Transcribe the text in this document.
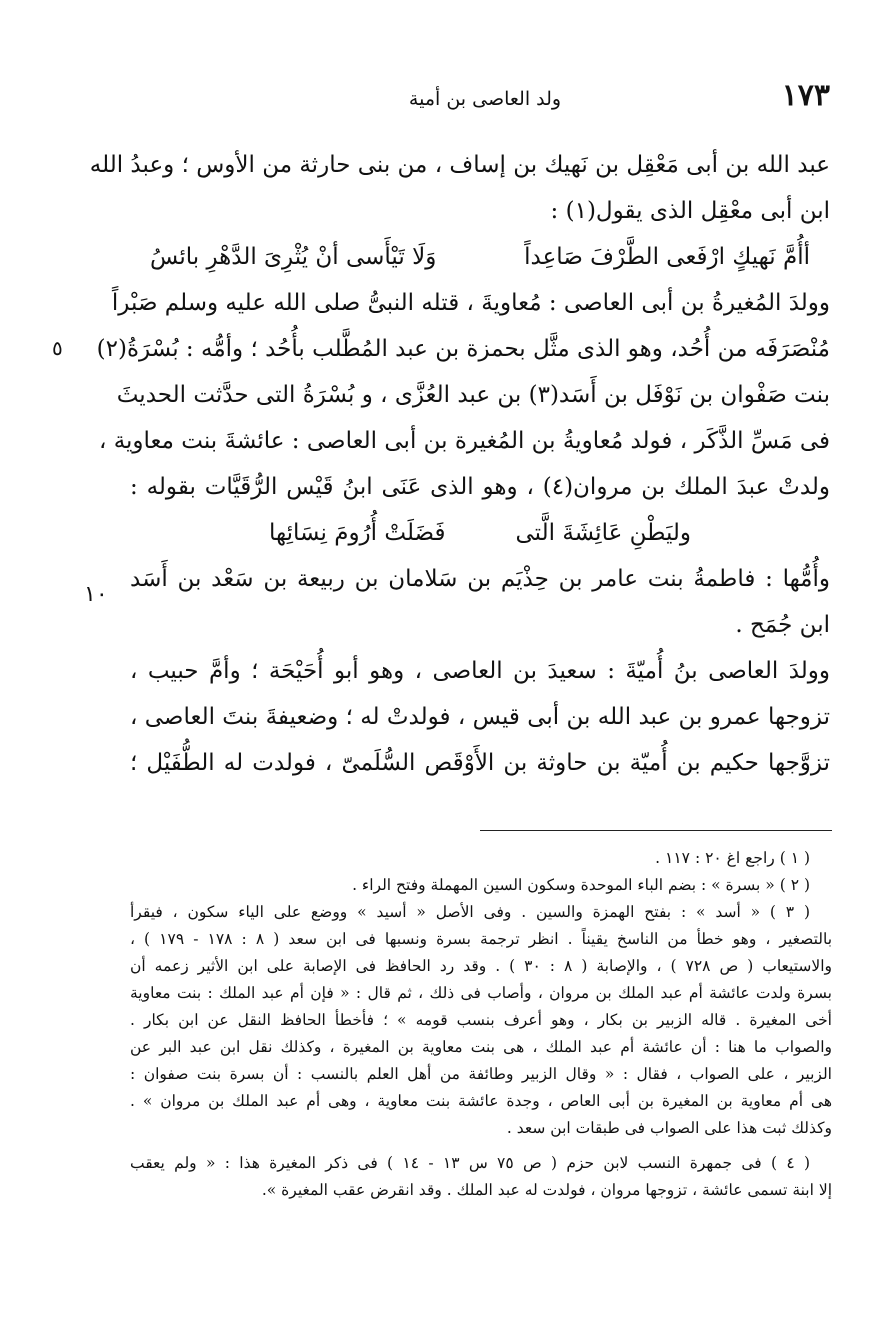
١٧٣
ولد العاصى بن أمية
٥
١٠
عبد الله بن أبى مَعْقِل بن نَهيك بن إساف ، من بنى حارثة من الأوس ؛ وعبدُ الله
ابن أبى معْقِل الذى يقول(١) :
أأُمَّ نَهيكٍ ارْفَعى الطَّرْفَ صَاعِداً
وَلَا تَيْأَسى أنْ يُثْرِىَ الدَّهْرِ بائسُ
وولدَ المُغيرةُ بن أبى العاصى : مُعاويةَ ، قتله النبىُّ صلى الله عليه وسلم صَبْراً
مُنْصَرَفَه من أُحُد، وهو الذى مثَّل بحمزة بن عبد المُطَّلب بأُحُد ؛ وأمُّه : بُسْرَةُ(٢)
بنت صَفْوان بن نَوْفَل بن أَسَد(٣) بن عبد العُزَّى ، و بُسْرَةُ التى حدَّثت الحديثَ
فى مَسِّ الذَّكَر ، فولد مُعاويةُ بن المُغيرة بن أبى العاصى : عائشةَ بنت معاوية ،
ولدتْ عبدَ الملك بن مروان(٤) ، وهو الذى عَنَى ابنُ قَيْس الرُّقَيَّات بقوله :
وليَطْنِ عَائِشَةَ الَّتى
فَضَلَتْ أُرُومَ نِسَائِها
وأُمُّها : فاطمةُ بنت عامر بن حِذْيَم بن سَلامان بن ربيعة بن سَعْد بن أَسَد
ابن جُمَح .
وولدَ العاصى بنُ أُميّةَ : سعيدَ بن العاصى ، وهو أبو أُحَيْحَة ؛ وأمَّ حبيب ،
تزوجها عمرو بن عبد الله بن أبى قيس ، فولدتْ له ؛ وضعيفةَ بنتَ العاصى ،
تزوَّجها حكيم بن أُميّة بن حاوثة بن الأَوْقَص السُّلَمىّ ، فولدت له الطُّفَيْل ؛
( ١ ) راجع اغ ٢٠ : ١١٧ .
( ٢ ) « بسرة » : بضم الباء الموحدة وسكون السين المهملة وفتح الراء .
( ٣ ) « أسد » : بفتح الهمزة والسين . وفى الأصل « أسيد » ووضع على الياء سكون ، فيقرأ
بالتصغير ، وهو خطأ من الناسخ يقيناً . انظر ترجمة بسرة ونسبها فى ابن سعد ( ٨ : ١٧٨ - ١٧٩ ) ،
والاستيعاب ( ص ٧٢٨ ) ، والإصابة ( ٨ : ٣٠ ) . وقد رد الحافظ فى الإصابة على ابن الأثير زعمه أن
بسرة ولدت عائشة أم عبد الملك بن مروان ، وأصاب فى ذلك ، ثم قال : « فإن أم عبد الملك : بنت معاوية
أخى المغيرة . قاله الزبير بن بكار ، وهو أعرف بنسب قومه » ؛ فأخطأ الحافظ النقل عن ابن بكار .
والصواب ما هنا : أن عائشة أم عبد الملك ، هى بنت معاوية بن المغيرة ، وكذلك نقل ابن عبد البر عن
الزبير ، على الصواب ، فقال : « وقال الزبير وطائفة من أهل العلم بالنسب : أن بسرة بنت صفوان :
هى أم معاوية بن المغيرة بن أبى العاص ، وجدة عائشة بنت معاوية ، وهى أم عبد الملك بن مروان » .
وكذلك ثبت هذا على الصواب فى طبقات ابن سعد .
( ٤ ) فى جمهرة النسب لابن حزم ( ص ٧٥ س ١٣ - ١٤ ) فى ذكر المغيرة هذا : « ولم يعقب
إلا ابنة تسمى عائشة ، تزوجها مروان ، فولدت له عبد الملك . وقد انقرض عقب المغيرة ».
